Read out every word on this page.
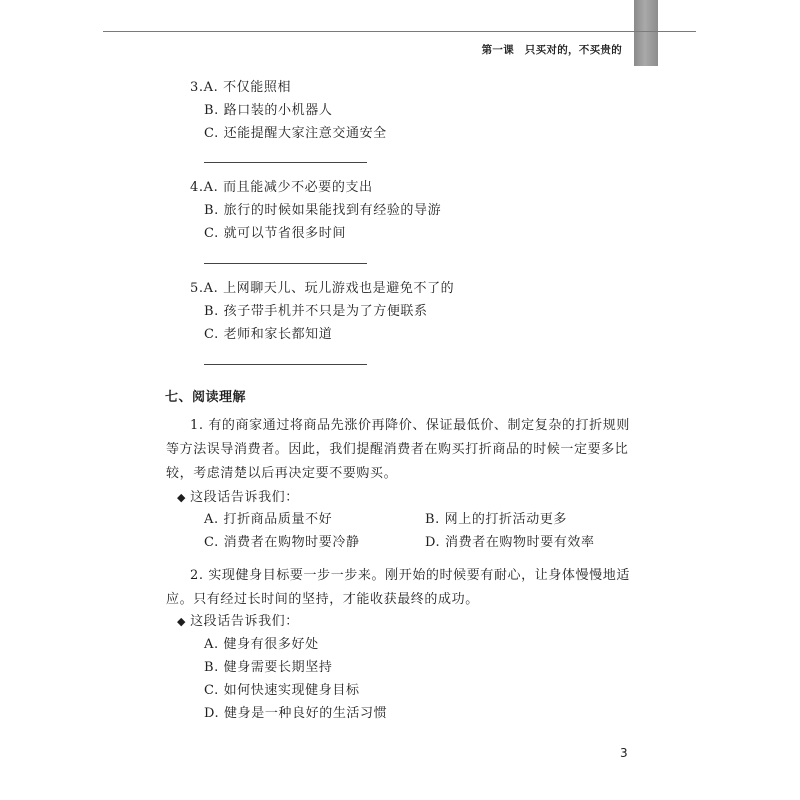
第一课　只买对的，不买贵的
3.A. 不仅能照相
B. 路口装的小机器人
C. 还能提醒大家注意交通安全
4.A. 而且能减少不必要的支出
B. 旅行的时候如果能找到有经验的导游
C. 就可以节省很多时间
5.A. 上网聊天儿、玩儿游戏也是避免不了的
B. 孩子带手机并不只是为了方便联系
C. 老师和家长都知道
七、阅读理解
1. 有的商家通过将商品先涨价再降价、保证最低价、制定复杂的打折规则
等方法误导消费者。因此，我们提醒消费者在购买打折商品的时候一定要多比
较，考虑清楚以后再决定要不要购买。
◆ 这段话告诉我们：
A. 打折商品质量不好	B. 网上的打折活动更多
C. 消费者在购物时要冷静	D. 消费者在购物时要有效率
2. 实现健身目标要一步一步来。刚开始的时候要有耐心，让身体慢慢地适
应。只有经过长时间的坚持，才能收获最终的成功。
◆ 这段话告诉我们：
A. 健身有很多好处
B. 健身需要长期坚持
C. 如何快速实现健身目标
D. 健身是一种良好的生活习惯
3
